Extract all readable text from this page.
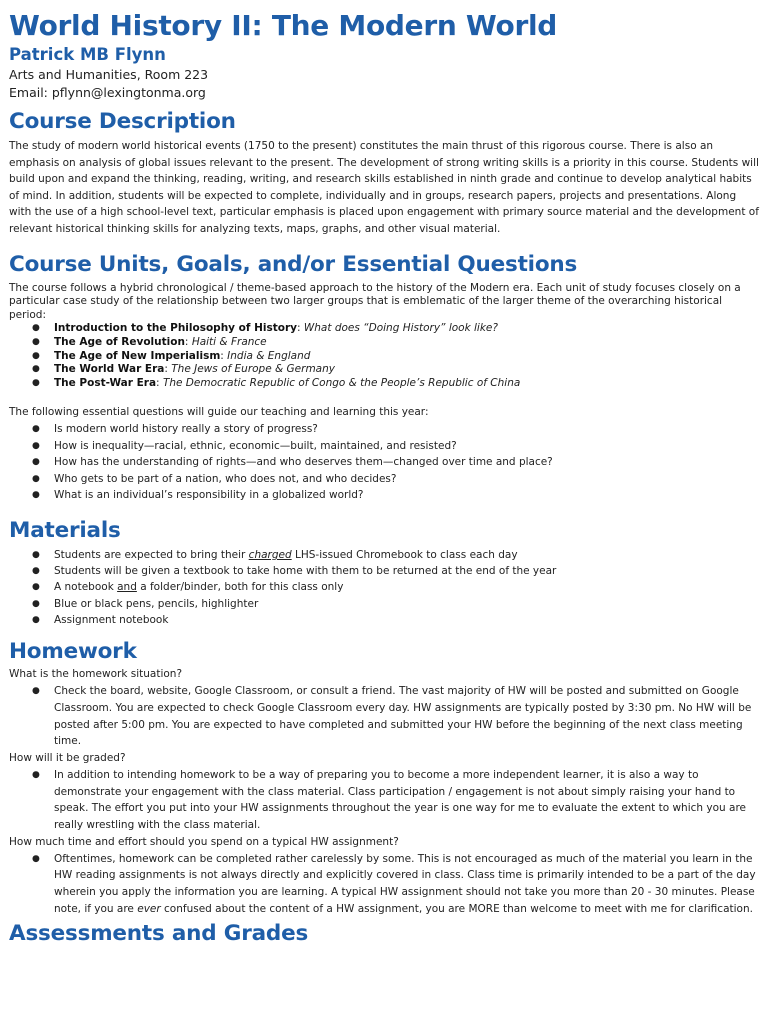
World History II: The Modern World

Patrick MB Flynn

Arts and Humanities, Room 223

Email: pflynn@lexingtonma.org

Course Description

The study of modern world historical events (1750 to the present) constitutes the main thrust of this rigorous course. There is also an emphasis on analysis of global issues relevant to the present. The development of strong writing skills is a priority in this course. Students will build upon and expand the thinking, reading, writing, and research skills established in ninth grade and continue to develop analytical habits of mind. In addition, students will be expected to complete, individually and in groups, research papers, projects and presentations. Along with the use of a high school-level text, particular emphasis is placed upon engagement with primary source material and the development of relevant historical thinking skills for analyzing texts, maps, graphs, and other visual material.

Course Units, Goals, and/or Essential Questions

The course follows a hybrid chronological / theme-based approach to the history of the Modern era. Each unit of study focuses closely on a particular case study of the relationship between two larger groups that is emblematic of the larger theme of the overarching historical period:

● Introduction to the Philosophy of History: What does “Doing History” look like?
● The Age of Revolution: Haiti & France
● The Age of New Imperialism: India & England
● The World War Era: The Jews of Europe & Germany
● The Post-War Era: The Democratic Republic of Congo & the People’s Republic of China

The following essential questions will guide our teaching and learning this year:

● Is modern world history really a story of progress?
● How is inequality—racial, ethnic, economic—built, maintained, and resisted?
● How has the understanding of rights—and who deserves them—changed over time and place?
● Who gets to be part of a nation, who does not, and who decides?
● What is an individual’s responsibility in a globalized world?
Materials
● Students are expected to bring their charged LHS-issued Chromebook to class each day
● Students will be given a textbook to take home with them to be returned at the end of the year
● A notebook and a folder/binder, both for this class only
● Blue or black pens, pencils, highlighter
● Assignment notebook
Homework

What is the homework situation?

● Check the board, website, Google Classroom, or consult a friend. The vast majority of HW will be posted and submitted on Google Classroom. You are expected to check Google Classroom every day. HW assignments are typically posted by 3:30 pm. No HW will be posted after 5:00 pm. You are expected to have completed and submitted your HW before the beginning of the next class meeting time.

How will it be graded?

● In addition to intending homework to be a way of preparing you to become a more independent learner, it is also a way to demonstrate your engagement with the class material. Class participation / engagement is not about simply raising your hand to speak. The effort you put into your HW assignments throughout the year is one way for me to evaluate the extent to which you are really wrestling with the class material.

How much time and effort should you spend on a typical HW assignment?

● Oftentimes, homework can be completed rather carelessly by some. This is not encouraged as much of the material you learn in the HW reading assignments is not always directly and explicitly covered in class. Class time is primarily intended to be a part of the day wherein you apply the information you are learning. A typical HW assignment should not take you more than 20 - 30 minutes. Please note, if you are ever confused about the content of a HW assignment, you are MORE than welcome to meet with me for clarification.
Assessments and Grades
